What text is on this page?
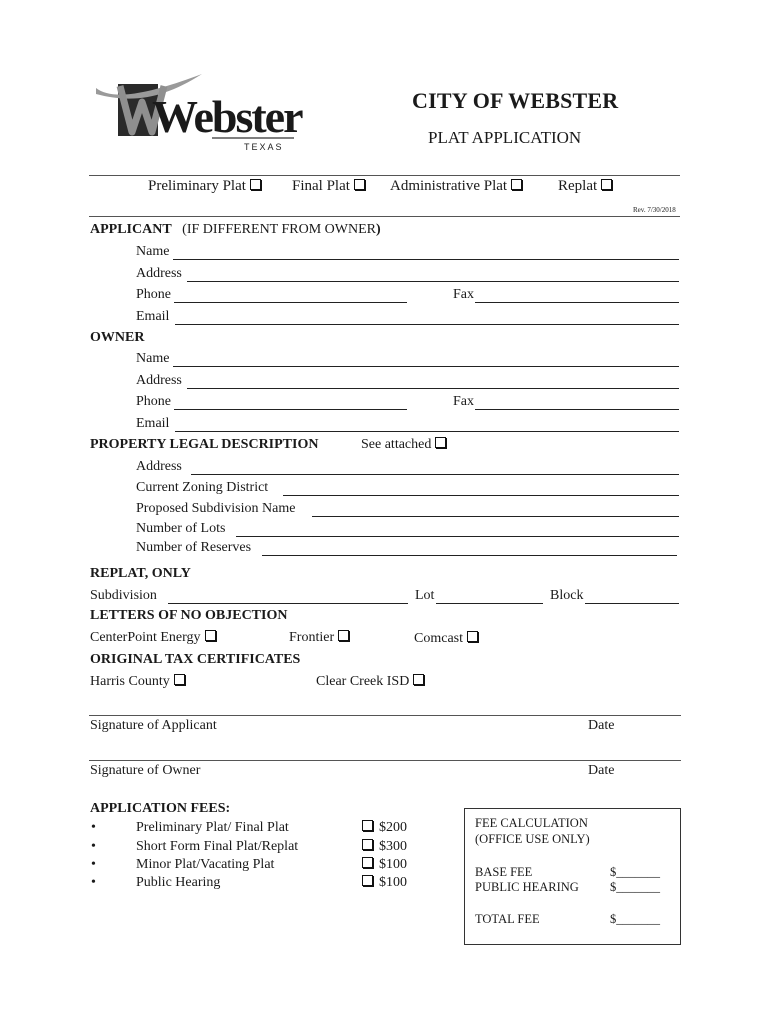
Webster
TEXAS
CITY OF WEBSTER
PLAT APPLICATION
Preliminary Plat	Final Plat	Administrative Plat	Replat
Rev. 7/30/2018
APPLICANT (IF DIFFERENT FROM OWNER)
Name
Address
Phone	Fax
Email
OWNER
Name
Address
Phone	Fax
Email
PROPERTY LEGAL DESCRIPTION	See attached
Address
Current Zoning District
Proposed Subdivision Name
Number of Lots
Number of Reserves
REPLAT, ONLY
Subdivision	Lot	Block
LETTERS OF NO OBJECTION
CenterPoint Energy	Frontier	Comcast
ORIGINAL TAX CERTIFICATES
Harris County	Clear Creek ISD
Signature of Applicant	Date
Signature of Owner	Date
APPLICATION FEES:
•	Preliminary Plat/ Final Plat	$200
•	Short Form Final Plat/Replat	$300
•	Minor Plat/Vacating Plat	$100
•	Public Hearing	$100
FEE CALCULATION
(OFFICE USE ONLY)
BASE FEE	$_______
PUBLIC HEARING $_______
TOTAL FEE	$_______
